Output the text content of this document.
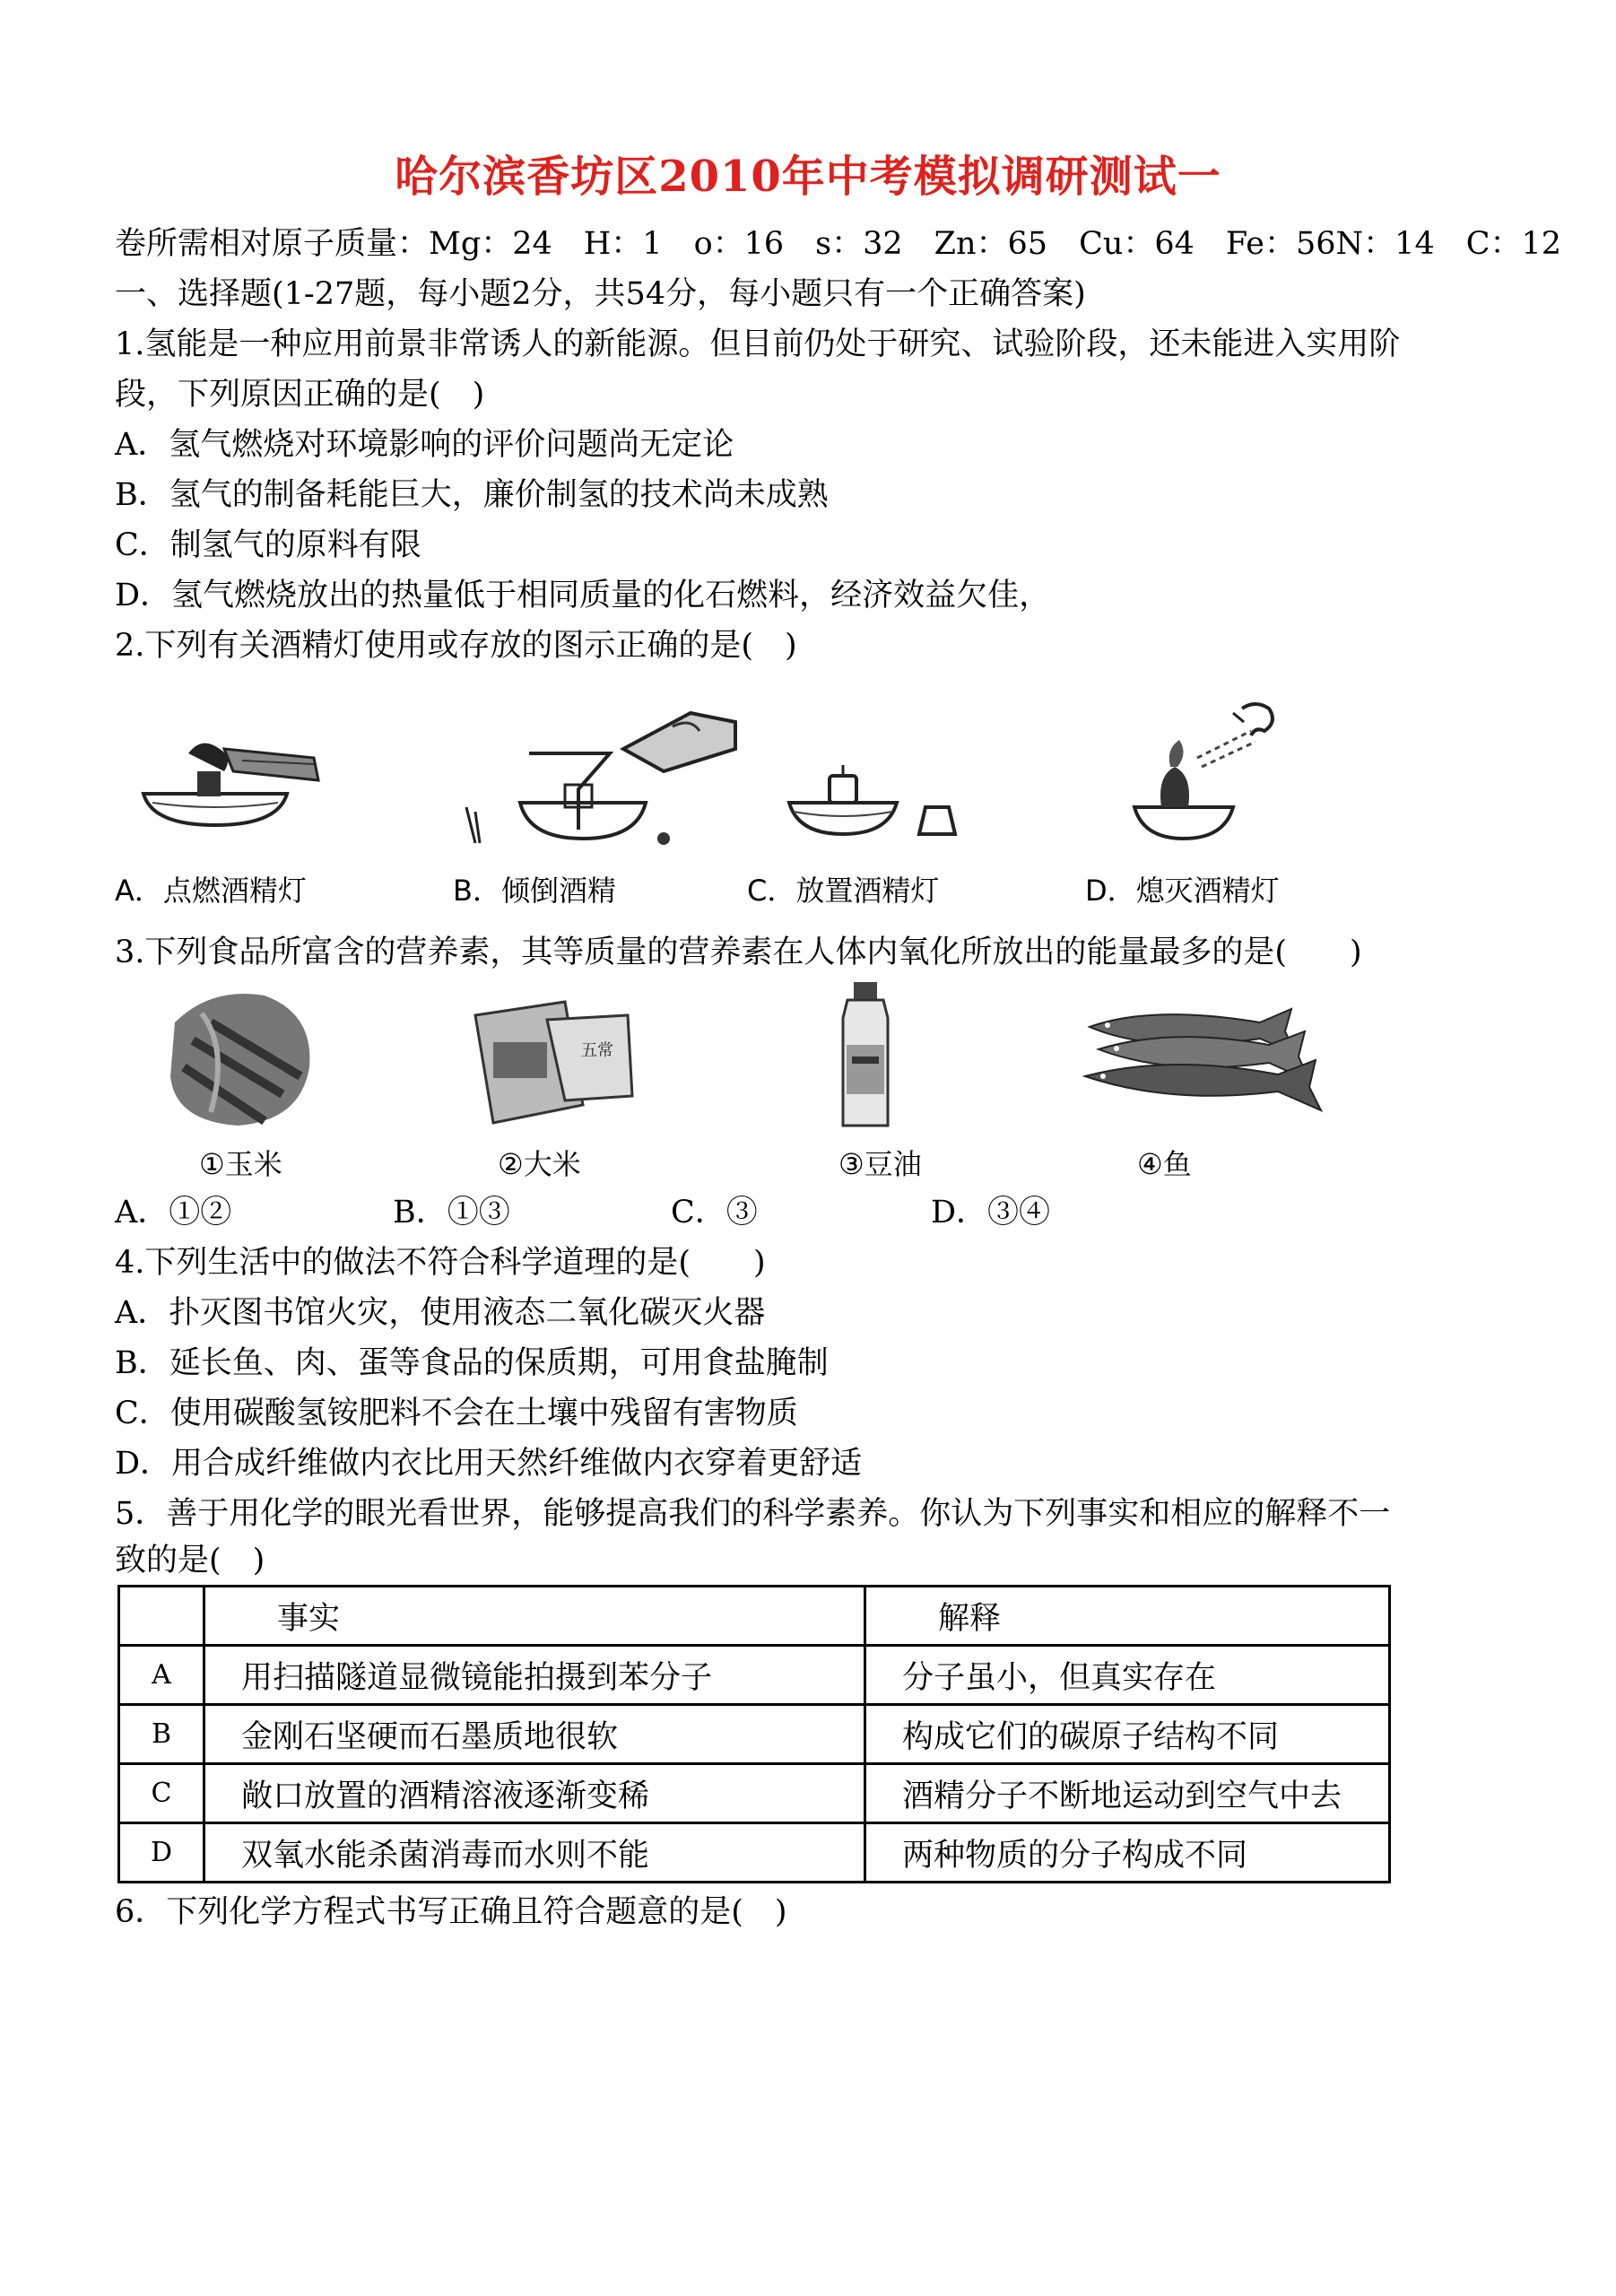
哈尔滨香坊区2010年中考模拟调研测试一
卷所需相对原子质量：Mg：24　H：1　o：16　s：32　Zn：65　Cu：64　Fe：56N：14　C：12
一、选择题(1-27题，每小题2分，共54分，每小题只有一个正确答案)
1.氢能是一种应用前景非常诱人的新能源。但目前仍处于研究、试验阶段，还未能进入实用阶
段，下列原因正确的是(　)
A．氢气燃烧对环境影响的评价问题尚无定论
B．氢气的制备耗能巨大，廉价制氢的技术尚未成熟
C．制氢气的原料有限
D．氢气燃烧放出的热量低于相同质量的化石燃料，经济效益欠佳，
2.下列有关酒精灯使用或存放的图示正确的是(　)
A．点燃酒精灯	B．倾倒酒精	C．放置酒精灯	D．熄灭酒精灯
3.下列食品所富含的营养素，其等质量的营养素在人体内氧化所放出的能量最多的是(　　)
五常
①玉米	②大米	③豆油	④鱼
A．①②	B．①③	C．③	D．③④
4.下列生活中的做法不符合科学道理的是(　　)
A．扑灭图书馆火灾，使用液态二氧化碳灭火器
B．延长鱼、肉、蛋等食品的保质期，可用食盐腌制
C．使用碳酸氢铵肥料不会在土壤中残留有害物质
D．用合成纤维做内衣比用天然纤维做内衣穿着更舒适
5．善于用化学的眼光看世界，能够提高我们的科学素养。你认为下列事实和相应的解释不一
致的是(　)
	事实	解释
A	用扫描隧道显微镜能拍摄到苯分子	分子虽小，但真实存在
B	金刚石坚硬而石墨质地很软	构成它们的碳原子结构不同
C	敞口放置的酒精溶液逐渐变稀	酒精分子不断地运动到空气中去
D	双氧水能杀菌消毒而水则不能	两种物质的分子构成不同
6．下列化学方程式书写正确且符合题意的是(　)
